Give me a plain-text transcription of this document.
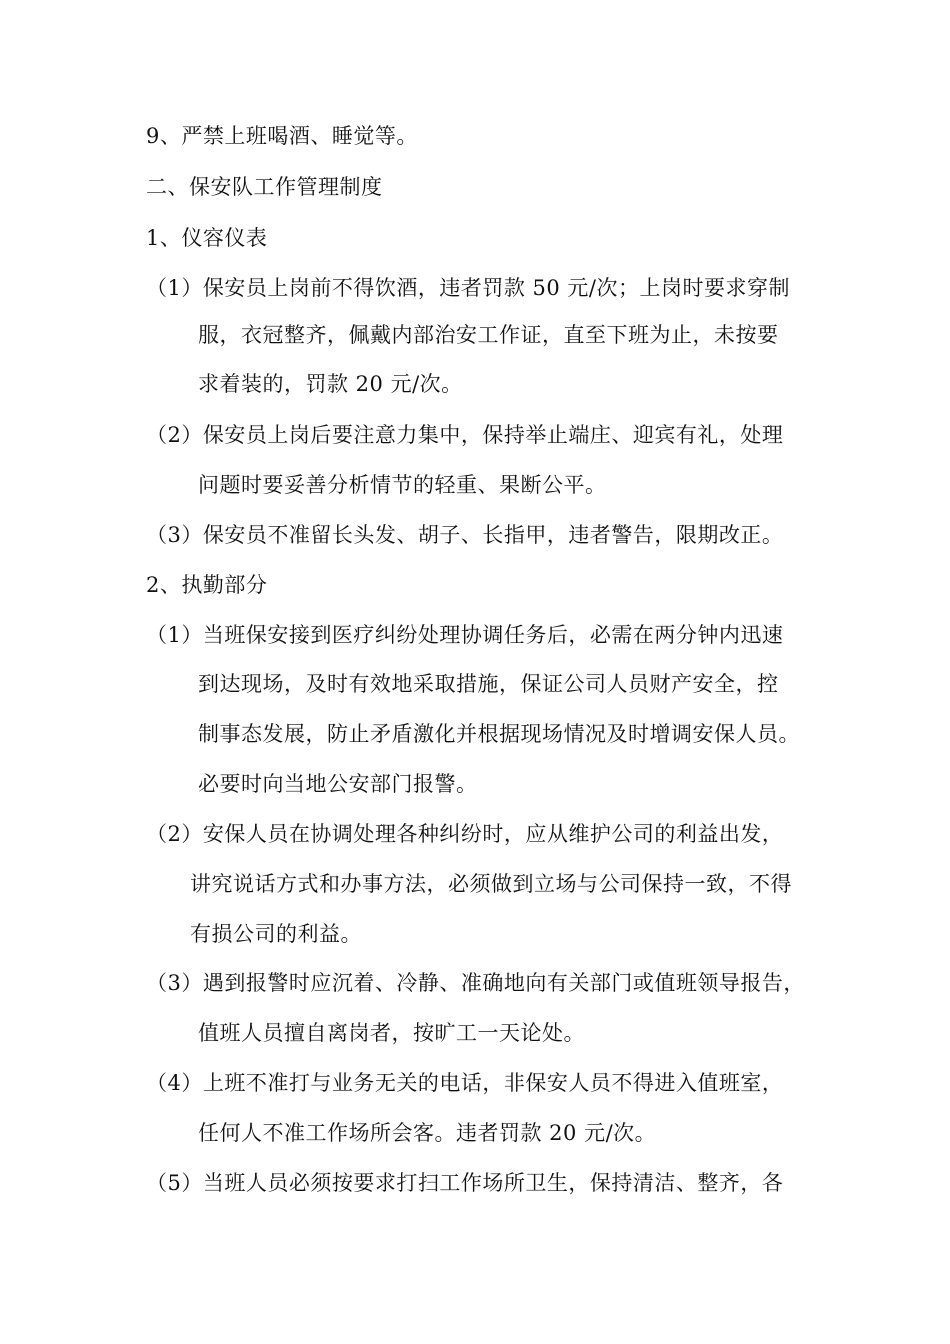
9、严禁上班喝酒、睡觉等。
二、保安队工作管理制度
1、仪容仪表
（1）保安员上岗前不得饮酒，违者罚款 50 元/次；上岗时要求穿制
服，衣冠整齐，佩戴内部治安工作证，直至下班为止，未按要
求着装的，罚款 20 元/次。
（2）保安员上岗后要注意力集中，保持举止端庄、迎宾有礼，处理
问题时要妥善分析情节的轻重、果断公平。
（3）保安员不准留长头发、胡子、长指甲，违者警告，限期改正。
2、执勤部分
（1）当班保安接到医疗纠纷处理协调任务后，必需在两分钟内迅速
到达现场，及时有效地采取措施，保证公司人员财产安全，控
制事态发展，防止矛盾激化并根据现场情况及时增调安保人员。
必要时向当地公安部门报警。
（2）安保人员在协调处理各种纠纷时，应从维护公司的利益出发，
讲究说话方式和办事方法，必须做到立场与公司保持一致，不得
有损公司的利益。
（3）遇到报警时应沉着、冷静、准确地向有关部门或值班领导报告，
值班人员擅自离岗者，按旷工一天论处。
（4）上班不准打与业务无关的电话，非保安人员不得进入值班室，
任何人不准工作场所会客。违者罚款 20 元/次。
（5）当班人员必须按要求打扫工作场所卫生，保持清洁、整齐，各
